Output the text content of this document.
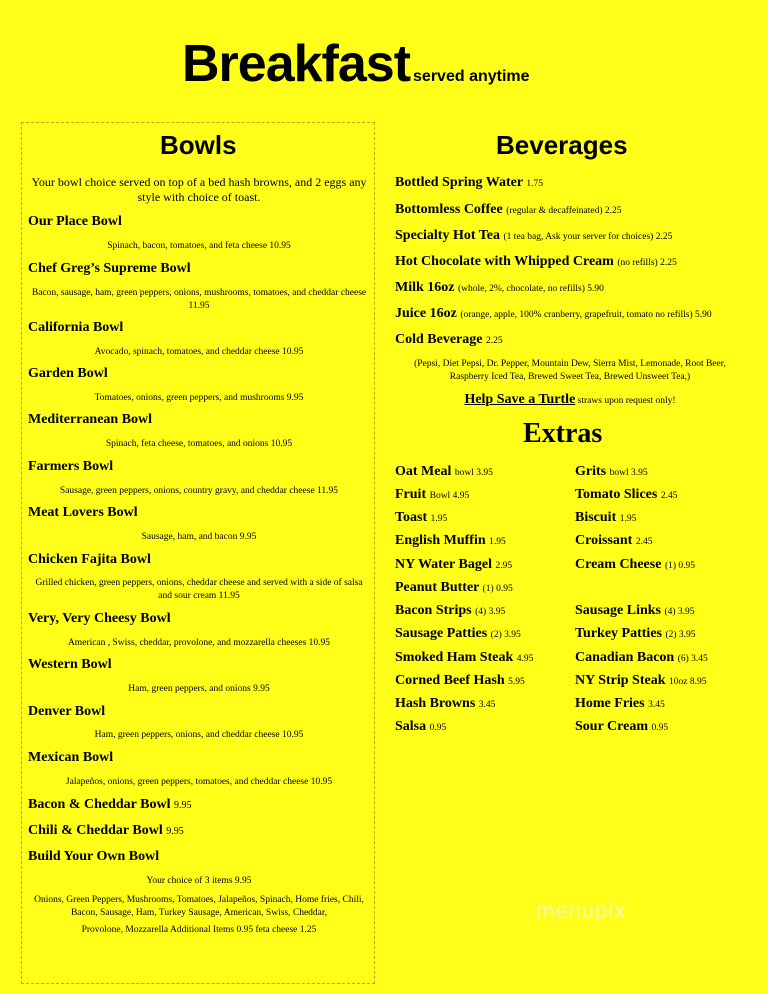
Breakfast served anytime
Bowls
Your bowl choice served on top of a bed hash browns, and 2 eggs any style with choice of toast.
Our Place Bowl
Spinach, bacon, tomatoes, and feta cheese 10.95
Chef Greg’s Supreme Bowl
Bacon, sausage, ham, green peppers, onions, mushrooms, tomatoes, and cheddar cheese 11.95
California Bowl
Avocado, spinach, tomatoes, and cheddar cheese 10.95
Garden Bowl
Tomatoes, onions, green peppers, and mushrooms 9.95
Mediterranean Bowl
Spinach, feta cheese, tomatoes, and onions 10.95
Farmers Bowl
Sausage, green peppers, onions, country gravy, and cheddar cheese 11.95
Meat Lovers Bowl
Sausage, ham, and bacon 9.95
Chicken Fajita Bowl
Grilled chicken, green peppers, onions, cheddar cheese and served with a side of salsa and sour cream 11.95
Very, Very Cheesy Bowl
American , Swiss, cheddar, provolone, and mozzarella cheeses 10.95
Western Bowl
Ham, green peppers, and onions 9.95
Denver Bowl
Ham, green peppers, onions, and cheddar cheese 10.95
Mexican Bowl
Jalapeños, onions, green peppers, tomatoes, and cheddar cheese 10.95
Bacon & Cheddar Bowl 9.95
Chili & Cheddar Bowl 9.95
Build Your Own Bowl
Your choice of 3 items 9.95
Onions, Green Peppers, Mushrooms, Tomatoes, Jalapeños, Spinach, Home fries, Chili, Bacon, Sausage, Ham, Turkey Sausage, American, Swiss, Cheddar,
Provolone, Mozzarella Additional Items 0.95 feta cheese 1.25
Beverages
Bottled Spring Water 1.75
Bottomless Coffee (regular & decaffeinated) 2.25
Specialty Hot Tea (1 tea bag, Ask your server for choices) 2.25
Hot Chocolate with Whipped Cream (no refills) 2.25
Milk 16oz (whole, 2%, chocolate, no refills) 5.90
Juice 16oz (orange, apple, 100% cranberry, grapefruit, tomato no refills) 5.90
Cold Beverage 2.25
(Pepsi, Diet Pepsi, Dr. Pepper, Mountain Dew, Sierra Mist, Lemonade, Root Beer, Raspberry Iced Tea, Brewed Sweet Tea, Brewed Unsweet Tea,)
Help Save a Turtle straws upon request only!
Extras
Oat Meal bowl 3.95
Fruit Bowl 4.95
Toast 1.95
English Muffin 1.95
NY Water Bagel 2.95
Peanut Butter (1) 0.95
Bacon Strips (4) 3.95
Sausage Patties (2) 3.95
Smoked Ham Steak 4.95
Corned Beef Hash 5.95
Hash Browns 3.45
Salsa 0.95
Grits bowl 3.95
Tomato Slices 2.45
Biscuit 1.95
Croissant 2.45
Cream Cheese (1) 0.95
Sausage Links (4) 3.95
Turkey Patties (2) 3.95
Canadian Bacon (6) 3.45
NY Strip Steak 10oz 8.95
Home Fries 3.45
Sour Cream 0.95
menupix
